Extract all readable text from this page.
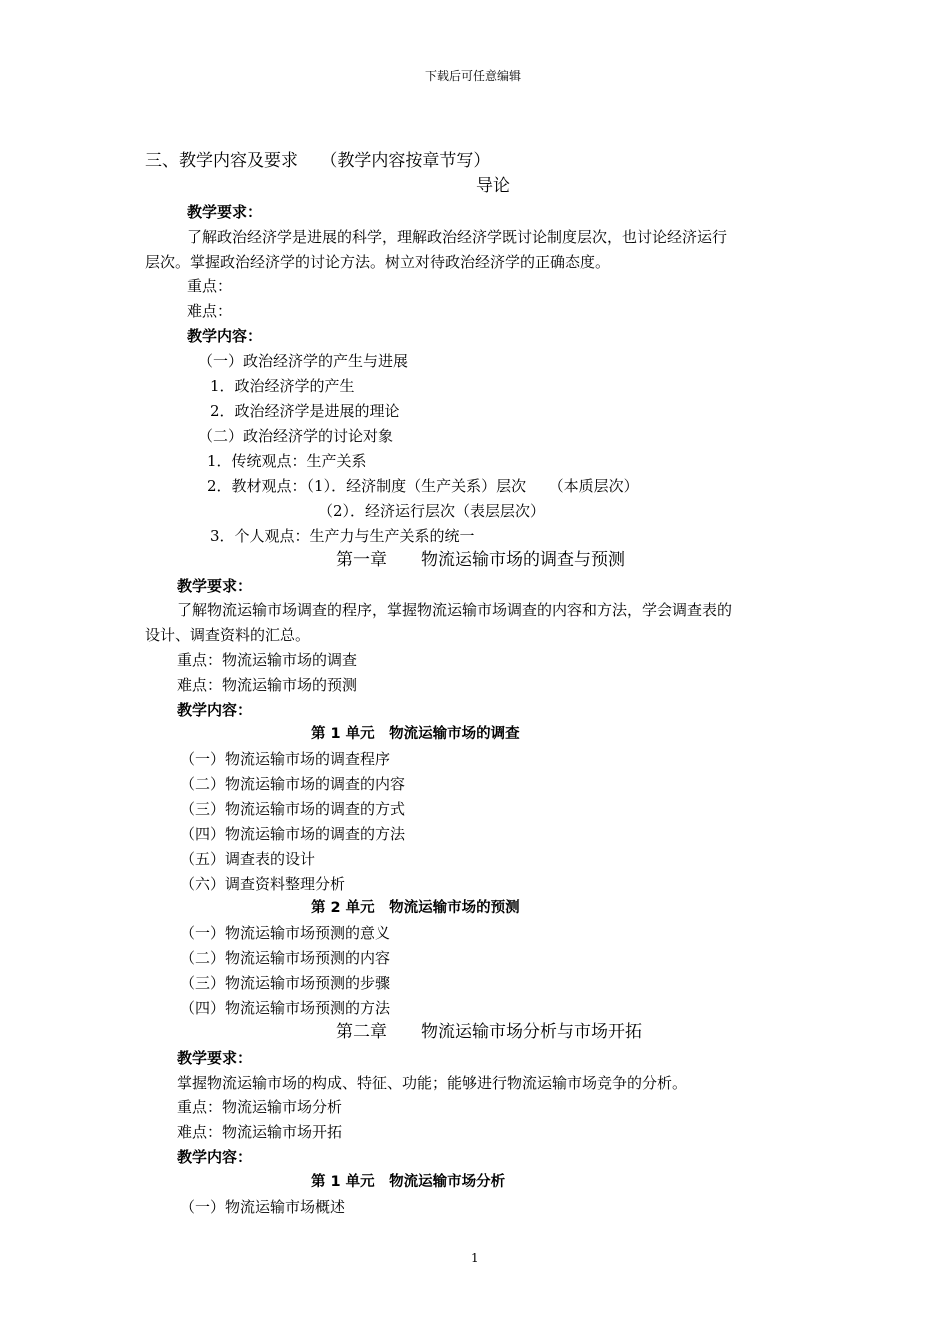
下载后可任意编辑
三、教学内容及要求　 （教学内容按章节写）
导论
教学要求：
了解政治经济学是进展的科学，理解政治经济学既讨论制度层次，也讨论经济运行
层次。掌握政治经济学的讨论方法。树立对待政治经济学的正确态度。
重点：
难点：
教学内容：
（一）政治经济学的产生与进展
1．政治经济学的产生
2．政治经济学是进展的理论
（二）政治经济学的讨论对象
1．传统观点：生产关系
2．教材观点：（1）．经济制度（生产关系）层次　　（本质层次）
（2）．经济运行层次（表层层次）
3．个人观点：生产力与生产关系的统一
第一章　　物流运输市场的调查与预测
教学要求：
了解物流运输市场调查的程序，掌握物流运输市场调查的内容和方法，学会调查表的
设计、调查资料的汇总。
重点：物流运输市场的调查
难点：物流运输市场的预测
教学内容：
第 1 单元　物流运输市场的调查
（一）物流运输市场的调查程序
（二）物流运输市场的调查的内容
（三）物流运输市场的调查的方式
（四）物流运输市场的调查的方法
（五）调查表的设计
（六）调查资料整理分析
第 2 单元　物流运输市场的预测
（一）物流运输市场预测的意义
（二）物流运输市场预测的内容
（三）物流运输市场预测的步骤
（四）物流运输市场预测的方法
第二章　　物流运输市场分析与市场开拓
教学要求：
掌握物流运输市场的构成、特征、功能；能够进行物流运输市场竞争的分析。
重点：物流运输市场分析
难点：物流运输市场开拓
教学内容：
第 1 单元　物流运输市场分析
（一）物流运输市场概述
1
